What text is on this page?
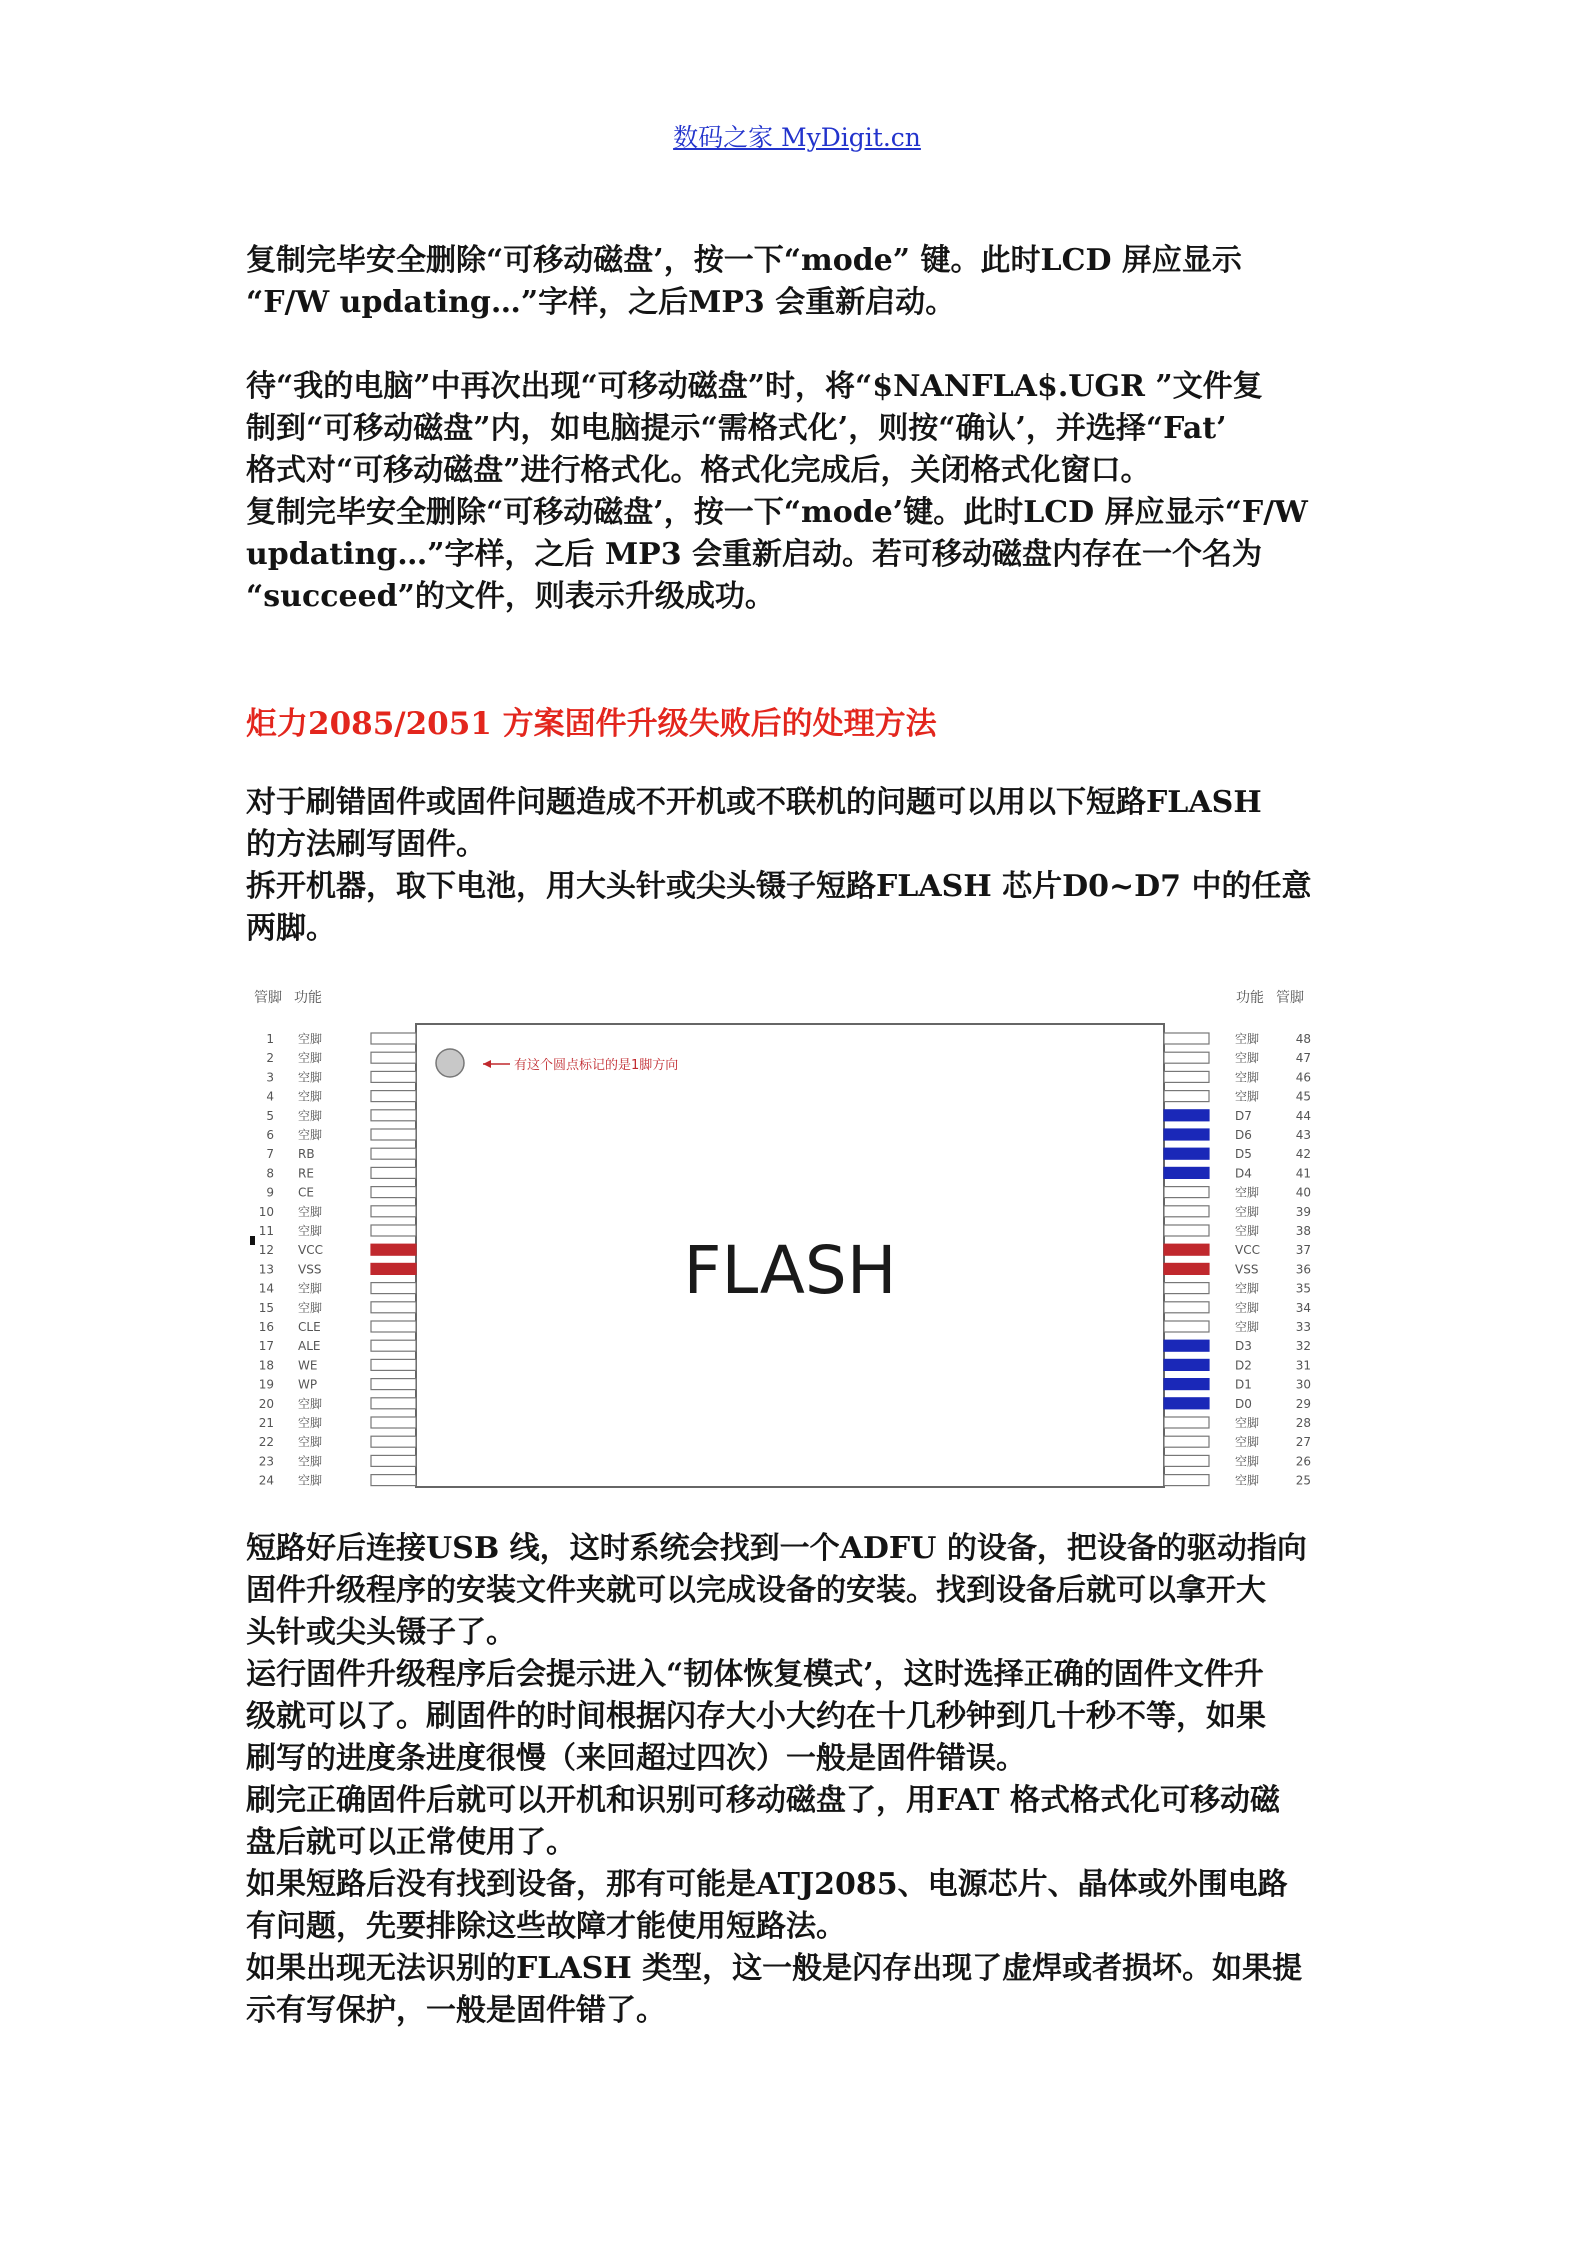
数码之家 MyDigit.cn

复制完毕安全删除“可移动磁盘’，按一下“mode” 键。此时LCD 屏应显示

“F/W updating…”字样，之后MP3 会重新启动。

待“我的电脑”中再次出现“可移动磁盘”时，将“$NANFLA$.UGR ”文件复

制到“可移动磁盘”内，如电脑提示“需格式化’，则按“确认’，并选择“Fat’

格式对“可移动磁盘”进行格式化。格式化完成后，关闭格式化窗口。

复制完毕安全删除“可移动磁盘’，按一下“mode’键。此时LCD 屏应显示“F/W

updating…”字样，之后 MP3 会重新启动。若可移动磁盘内存在一个名为

“succeed”的文件，则表示升级成功。

炬力2085/2051 方案固件升级失败后的处理方法

对于刷错固件或固件问题造成不开机或不联机的问题可以用以下短路FLASH

的方法刷写固件。

拆开机器，取下电池，用大头针或尖头镊子短路FLASH 芯片D0~D7 中的任意

两脚。

管脚 功能	功能 管脚
有这个圆点标记的是1脚方向
FLASH
1 空脚
2 空脚
3 空脚
4 空脚
5 空脚
6 空脚
7 RB
8 RE
9 CE
10 空脚
11 空脚
12 VCC
13 VSS
14 空脚
15 空脚
16 CLE
17 ALE
18 WE
19 WP
20 空脚
21 空脚
22 空脚
23 空脚
24 空脚
空脚	48
空脚	47
空脚	46
空脚	45
D7	44
D6	43
D5	42
D4	41
空脚	40
空脚	39
空脚	38
VCC	37
VSS	36
空脚	35
空脚	34
空脚	33
D3	32
D2	31
D1	30
D0	29
空脚	28
空脚	27
空脚	26
空脚	25

短路好后连接USB 线，这时系统会找到一个ADFU 的设备，把设备的驱动指向

固件升级程序的安装文件夹就可以完成设备的安装。找到设备后就可以拿开大

头针或尖头镊子了。

运行固件升级程序后会提示进入“韧体恢复模式’，这时选择正确的固件文件升

级就可以了。刷固件的时间根据闪存大小大约在十几秒钟到几十秒不等，如果

刷写的进度条进度很慢（来回超过四次）一般是固件错误。

刷完正确固件后就可以开机和识别可移动磁盘了，用FAT 格式格式化可移动磁

盘后就可以正常使用了。

如果短路后没有找到设备，那有可能是ATJ2085、电源芯片、晶体或外围电路

有问题，先要排除这些故障才能使用短路法。

如果出现无法识别的FLASH 类型，这一般是闪存出现了虚焊或者损坏。如果提

示有写保护，一般是固件错了。
